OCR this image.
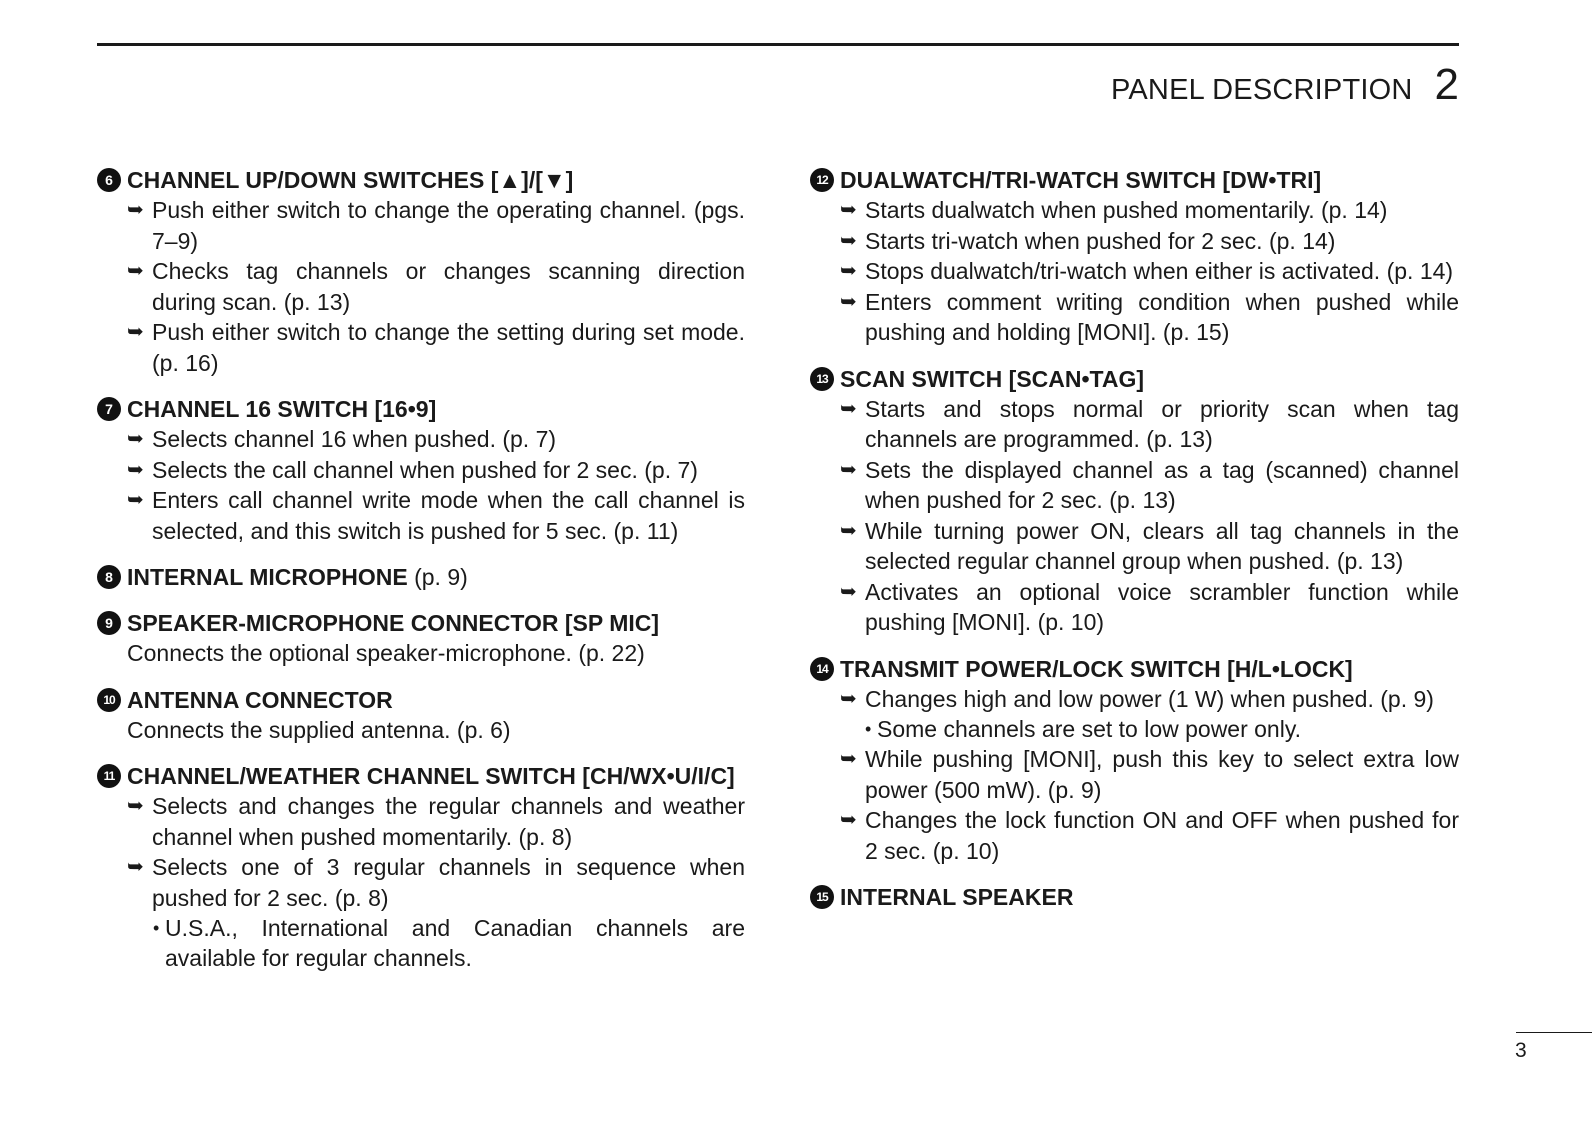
PANEL DESCRIPTION 2
6 CHANNEL UP/DOWN SWITCHES [▲]/[▼]
➥ Push either switch to change the operating channel. (pgs. 7–9)
➥ Checks tag channels or changes scanning direction during scan. (p. 13)
➥ Push either switch to change the setting during set mode. (p. 16)
7 CHANNEL 16 SWITCH [16•9]
➥ Selects channel 16 when pushed. (p. 7)
➥ Selects the call channel when pushed for 2 sec. (p. 7)
➥ Enters call channel write mode when the call channel is selected, and this switch is pushed for 5 sec. (p. 11)
8 INTERNAL MICROPHONE (p. 9)
9 SPEAKER-MICROPHONE CONNECTOR [SP MIC]
Connects the optional speaker-microphone. (p. 22)
10 ANTENNA CONNECTOR
Connects the supplied antenna. (p. 6)
11 CHANNEL/WEATHER CHANNEL SWITCH [CH/WX•U/I/C]
➥ Selects and changes the regular channels and weather channel when pushed momentarily. (p. 8)
➥ Selects one of 3 regular channels in sequence when pushed for 2 sec. (p. 8)
• U.S.A., International and Canadian channels are available for regular channels.
12 DUALWATCH/TRI-WATCH SWITCH [DW•TRI]
➥ Starts dualwatch when pushed momentarily. (p. 14)
➥ Starts tri-watch when pushed for 2 sec. (p. 14)
➥ Stops dualwatch/tri-watch when either is activated. (p. 14)
➥ Enters comment writing condition when pushed while pushing and holding [MONI]. (p. 15)
13 SCAN SWITCH [SCAN•TAG]
➥ Starts and stops normal or priority scan when tag channels are programmed. (p. 13)
➥ Sets the displayed channel as a tag (scanned) channel when pushed for 2 sec. (p. 13)
➥ While turning power ON, clears all tag channels in the selected regular channel group when pushed. (p. 13)
➥ Activates an optional voice scrambler function while pushing [MONI]. (p. 10)
14 TRANSMIT POWER/LOCK SWITCH [H/L•LOCK]
➥ Changes high and low power (1 W) when pushed. (p. 9)
• Some channels are set to low power only.
➥ While pushing [MONI], push this key to select extra low power (500 mW). (p. 9)
➥ Changes the lock function ON and OFF when pushed for 2 sec. (p. 10)
15 INTERNAL SPEAKER
3
